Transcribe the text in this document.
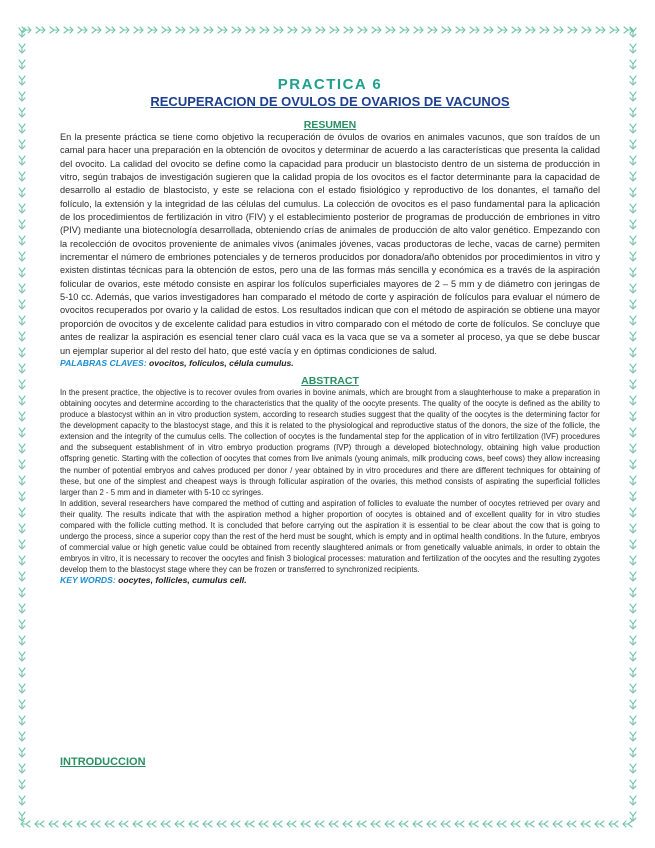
PRACTICA 6

RECUPERACION DE OVULOS DE OVARIOS DE VACUNOS

RESUMEN

En la presente práctica se tiene como objetivo la recuperación de óvulos de ovarios en animales vacunos, que son traídos de un camal para hacer una preparación en la obtención de ovocitos y determinar de acuerdo a las características que presenta la calidad del ovocito. La calidad del ovocito se define como la capacidad para producir un blastocisto dentro de un sistema de producción in vitro, según trabajos de investigación sugieren que la calidad propia de los ovocitos es el factor determinante para la capacidad de desarrollo al estadio de blastocisto, y este se relaciona con el estado fisiológico y reproductivo de los donantes, el tamaño del folículo, la extensión y la integridad de las células del cumulus. La colección de ovocitos es el paso fundamental para la aplicación de los procedimientos de fertilización in vitro (FIV) y el establecimiento posterior de programas de producción de embriones in vitro (PIV) mediante una biotecnología desarrollada, obteniendo crías de animales de producción de alto valor genético. Empezando con la recolección de ovocitos proveniente de animales vivos (animales jóvenes, vacas productoras de leche, vacas de carne) permiten incrementar el número de embriones potenciales y de terneros producidos por donadora/año obtenidos por procedimientos in vitro y existen distintas técnicas para la obtención de estos, pero una de las formas más sencilla y económica es a través de la aspiración folicular de ovarios, este método consiste en aspirar los folículos superficiales mayores de 2 – 5 mm y de diámetro con jeringas de 5-10 cc. Además, que varios investigadores han comparado el método de corte y aspiración de folículos para evaluar el número de ovocitos recuperados por ovario y la calidad de estos. Los resultados indican que con el método de aspiración se obtiene una mayor proporción de ovocitos y de excelente calidad para estudios in vitro comparado con el método de corte de folículos. Se concluye que antes de realizar la aspiración es esencial tener claro cuál vaca es la vaca que se va a someter al proceso, ya que se debe buscar un ejemplar superior al del resto del hato, que esté vacía y en óptimas condiciones de salud.

PALABRAS CLAVES: ovocitos, folículos, célula cumulus.

ABSTRACT

In the present practice, the objective is to recover ovules from ovaries in bovine animals, which are brought from a slaughterhouse to make a preparation in obtaining oocytes and determine according to the characteristics that the quality of the oocyte presents. The quality of the oocyte is defined as the ability to produce a blastocyst within an in vitro production system, according to research studies suggest that the quality of the oocytes is the determining factor for the development capacity to the blastocyst stage, and this it is related to the physiological and reproductive status of the donors, the size of the follicle, the extension and the integrity of the cumulus cells. The collection of oocytes is the fundamental step for the application of in vitro fertilization (IVF) procedures and the subsequent establishment of in vitro embryo production programs (IVP) through a developed biotechnology, obtaining high value production offspring genetic. Starting with the collection of oocytes that comes from live animals (young animals, milk producing cows, beef cows) they allow increasing the number of potential embryos and calves produced per donor / year obtained by in vitro procedures and there are different techniques for obtaining of these, but one of the simplest and cheapest ways is through follicular aspiration of the ovaries, this method consists of aspirating the superficial follicles larger than 2 - 5 mm and in diameter with 5-10 cc syringes.

In addition, several researchers have compared the method of cutting and aspiration of follicles to evaluate the number of oocytes retrieved per ovary and their quality. The results indicate that with the aspiration method a higher proportion of oocytes is obtained and of excellent quality for in vitro studies compared with the follicle cutting method. It is concluded that before carrying out the aspiration it is essential to be clear about the cow that is going to undergo the process, since a superior copy than the rest of the herd must be sought, which is empty and in optimal health conditions. In the future, embryos of commercial value or high genetic value could be obtained from recently slaughtered animals or from genetically valuable animals, in order to obtain the embryos in vitro, it is necessary to recover the oocytes and finish 3 biological processes: maturation and fertilization of the oocytes and the resulting zygotes develop them to the blastocyst stage where they can be frozen or transferred to synchronized recipients.

KEY WORDS: oocytes, follicles, cumulus cell.

INTRODUCCION
